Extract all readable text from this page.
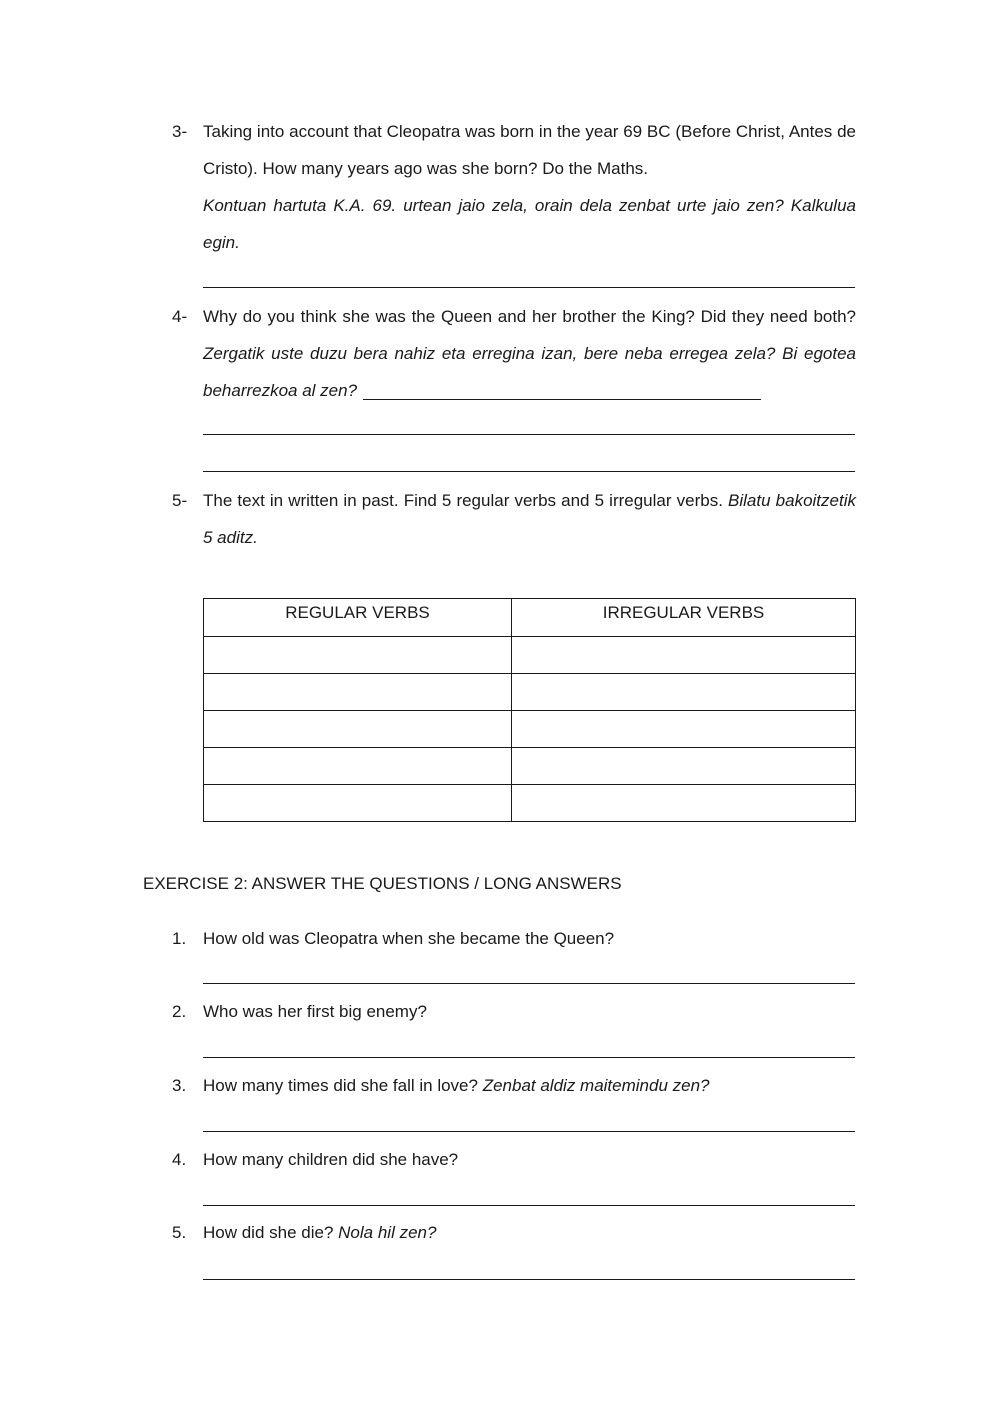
3- Taking into account that Cleopatra was born in the year 69 BC (Before Christ, Antes de Cristo). How many years ago was she born? Do the Maths.
Kontuan hartuta K.A. 69. urtean jaio zela, orain dela zenbat urte jaio zen? Kalkulua egin.
4- Why do you think she was the Queen and her brother the King? Did they need both? Zergatik uste duzu bera nahiz eta erregina izan, bere neba erregea zela? Bi egotea beharrezkoa al zen?
5- The text in written in past. Find 5 regular verbs and 5 irregular verbs. Bilatu bakoitzetik 5 aditz.
REGULAR VERBS	IRREGULAR VERBS

EXERCISE 2: ANSWER THE QUESTIONS / LONG ANSWERS
1. How old was Cleopatra when she became the Queen?
2. Who was her first big enemy?
3. How many times did she fall in love? Zenbat aldiz maitemindu zen?
4. How many children did she have?
5. How did she die? Nola hil zen?
